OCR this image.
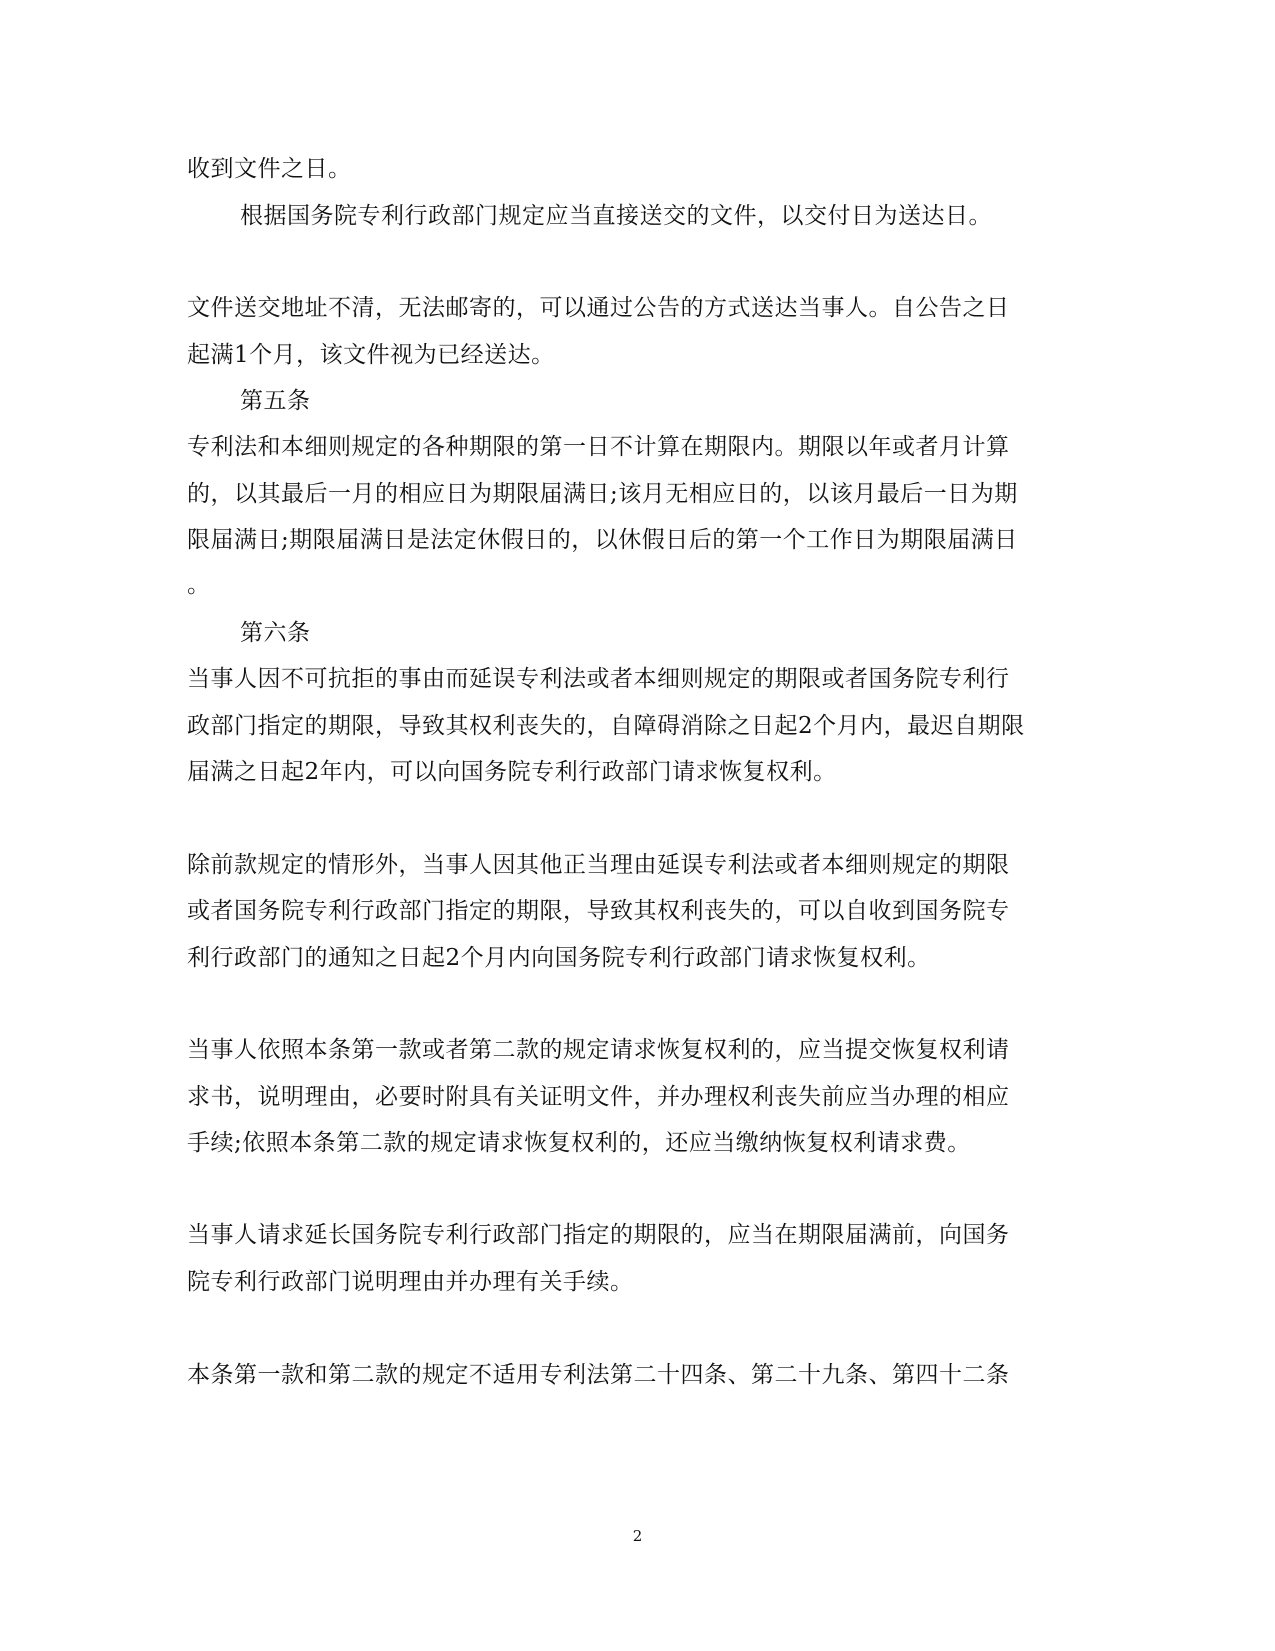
收到文件之日。
根据国务院专利行政部门规定应当直接送交的文件，以交付日为送达日。
文件送交地址不清，无法邮寄的，可以通过公告的方式送达当事人。自公告之日
起满1个月，该文件视为已经送达。
第五条
专利法和本细则规定的各种期限的第一日不计算在期限内。期限以年或者月计算
的，以其最后一月的相应日为期限届满日;该月无相应日的，以该月最后一日为期
限届满日;期限届满日是法定休假日的，以休假日后的第一个工作日为期限届满日
。
第六条
当事人因不可抗拒的事由而延误专利法或者本细则规定的期限或者国务院专利行
政部门指定的期限，导致其权利丧失的，自障碍消除之日起2个月内，最迟自期限
届满之日起2年内，可以向国务院专利行政部门请求恢复权利。
除前款规定的情形外，当事人因其他正当理由延误专利法或者本细则规定的期限
或者国务院专利行政部门指定的期限，导致其权利丧失的，可以自收到国务院专
利行政部门的通知之日起2个月内向国务院专利行政部门请求恢复权利。
当事人依照本条第一款或者第二款的规定请求恢复权利的，应当提交恢复权利请
求书，说明理由，必要时附具有关证明文件，并办理权利丧失前应当办理的相应
手续;依照本条第二款的规定请求恢复权利的，还应当缴纳恢复权利请求费。
当事人请求延长国务院专利行政部门指定的期限的，应当在期限届满前，向国务
院专利行政部门说明理由并办理有关手续。
本条第一款和第二款的规定不适用专利法第二十四条、第二十九条、第四十二条
2
